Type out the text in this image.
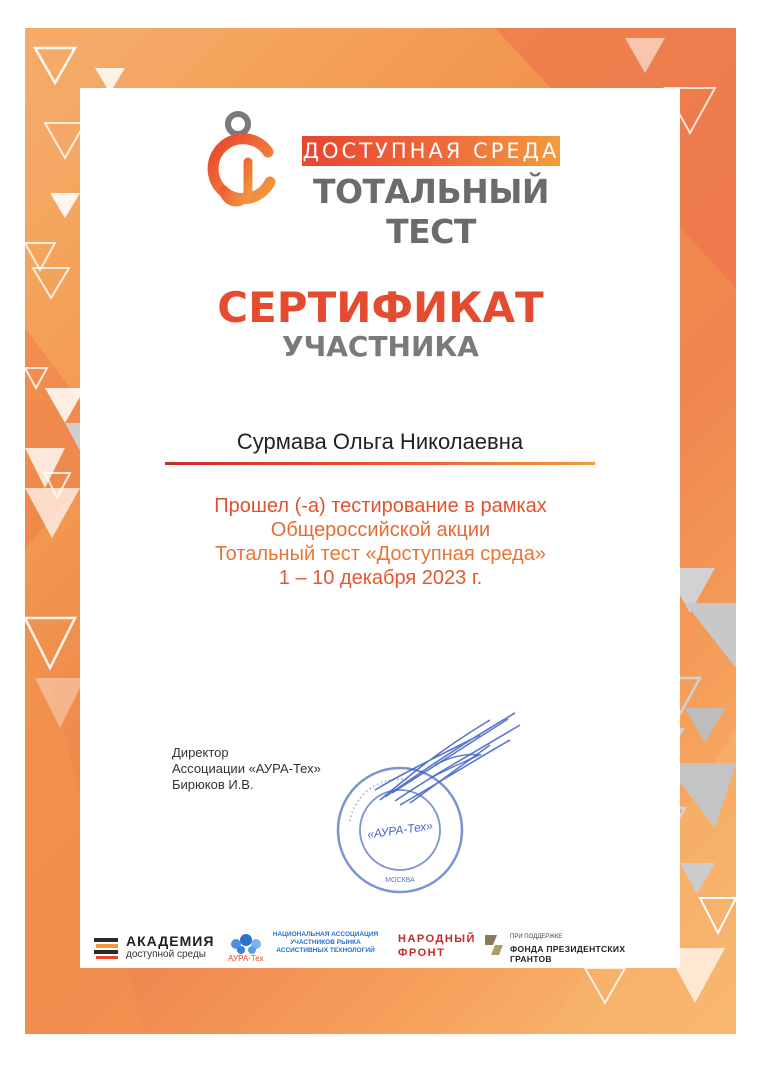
ДОСТУПНАЯ СРЕДА
ТОТАЛЬНЫЙ ТЕСТ
СЕРТИФИКАТ
УЧАСТНИКА
Сурмава Ольга Николаевна
Прошел (-а) тестирование в рамках
Общероссийской акции
Тотальный тест «Доступная среда»
1 – 10 декабря 2023 г.
Директор
Ассоциации «АУРА-Тех»
Бирюков И.В.
* * * * * * * * * * * * * * * * * * * *
«АУРА-Тех»
МОСКВА
АКАДЕМИЯ
доступной среды	АУРА-Тех
НАЦИОНАЛЬНАЯ АССОЦИАЦИЯ
УЧАСТНИКОВ РЫНКА
АССИСТИВНЫХ ТЕХНОЛОГИЙ
НАРОДНЫЙ
ФРОНТ
ПРИ ПОДДЕРЖКЕ
ФОНДА ПРЕЗИДЕНТСКИХ ГРАНТОВ
